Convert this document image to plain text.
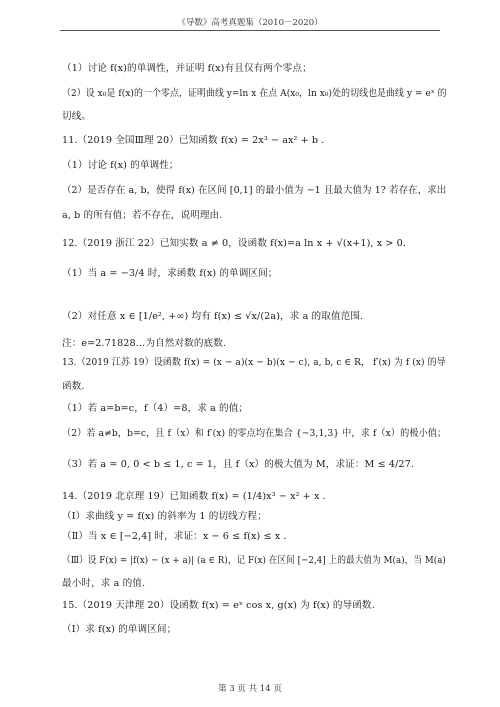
《导数》高考真题集（2010－2020）
（1）讨论 f(x)的单调性，并证明 f(x)有且仅有两个零点；
（2）设 x₀是 f(x)的一个零点，证明曲线 y=ln x 在点 A(x₀，ln x₀)处的切线也是曲线 y = eˣ 的
切线。
11.（2019 全国Ⅲ理 20）已知函数 f(x) = 2x³ − ax² + b .
（1）讨论 f(x) 的单调性；
（2）是否存在 a, b，使得 f(x) 在区间 [0,1] 的最小值为 −1 且最大值为 1? 若存在，求出
a, b 的所有值；若不存在，说明理由.
12.（2019 浙江 22）已知实数 a ≠ 0，设函数 f(x)=a ln x + √(x+1), x > 0.
（1）当 a = −3/4 时，求函数 f(x) 的单调区间；
（2）对任意 x ∈ [1/e², +∞) 均有 f(x) ≤ √x/(2a)，求 a 的取值范围.
注：e=2.71828…为自然对数的底数.
13.（2019 江苏 19）设函数 f(x) = (x − a)(x − b)(x − c), a, b, c ∈ R， f′(x) 为 f (x) 的导
函数.
（1）若 a=b=c，f（4）=8，求 a 的值；
（2）若 a≠b，b=c，且 f（x）和 f′(x) 的零点均在集合 {−3,1,3} 中，求 f（x）的极小值；
（3）若 a = 0, 0 < b ≤ 1, c = 1，且 f（x）的极大值为 M，求证：M ≤ 4/27.
14.（2019 北京理 19）已知函数 f(x) = (1/4)x³ − x² + x .
（Ⅰ）求曲线 y = f(x) 的斜率为 1 的切线方程；
（Ⅱ）当 x ∈ [−2,4] 时，求证：x − 6 ≤ f(x) ≤ x .
（Ⅲ）设 F(x) = |f(x) − (x + a)| (a ∈ R)，记 F(x) 在区间 [−2,4] 上的最大值为 M(a)，当 M(a)
最小时，求 a 的值.
15.（2019 天津理 20）设函数 f(x) = eˣ cos x, g(x) 为 f(x) 的导函数.
（Ⅰ）求 f(x) 的单调区间；
第 3 页 共 14 页
